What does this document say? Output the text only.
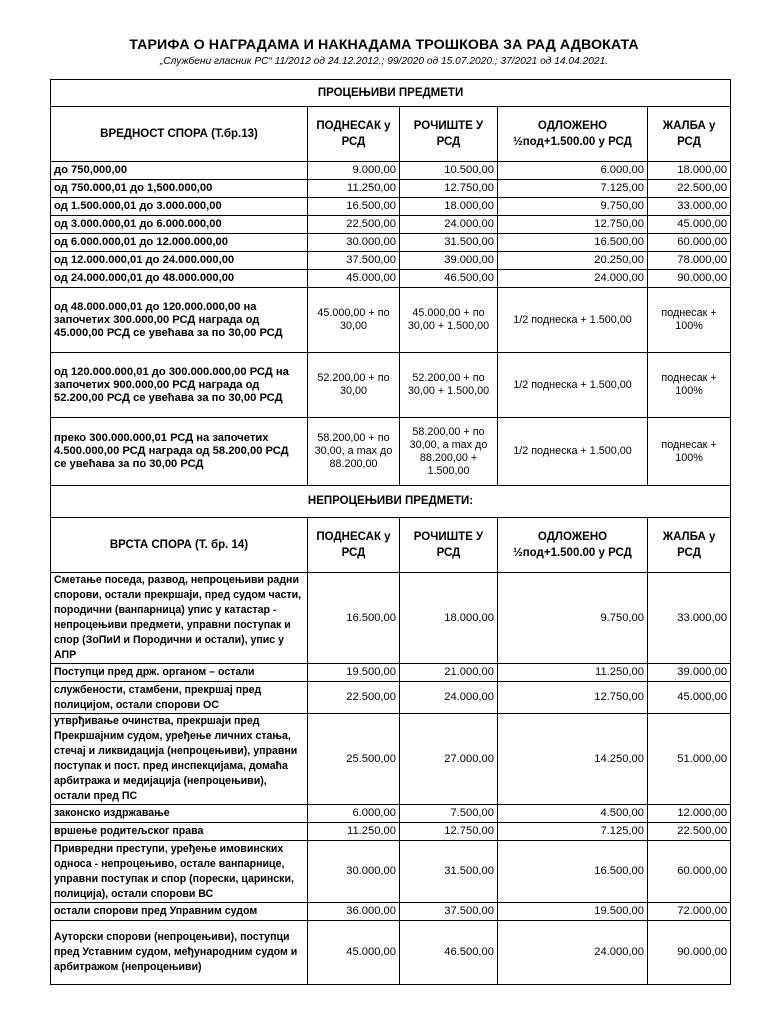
ТАРИФА О НАГРАДАМА И НАКНАДАМА ТРОШКОВА ЗА РАД АДВОКАТА
„Службени гласник РС“ 11/2012 од 24.12.2012.; 99/2020 од 15.07.2020.; 37/2021 од 14.04.2021.
ПРОЦЕЊИВИ ПРЕДМЕТИ				
ВРЕДНОСТ СПОРА (Т.бр.13)	ПОДНЕСАК у РСД	РОЧИШТЕ У РСД	ОДЛОЖЕНО ½под+1.500.00 у РСД	ЖАЛБА у РСД
до 750,000,00	9.000,00	10.500,00	6.000,00	18.000,00
од 750.000,01 до 1,500.000,00	11.250,00	12.750,00	7.125,00	22.500,00
од 1.500.000,01 до 3.000.000,00	16.500,00	18.000,00	9.750,00	33.000,00
од 3.000.000,01 до 6.000.000,00	22.500,00	24.000,00	12.750,00	45.000,00
од 6.000.000,01 до 12.000.000,00	30.000,00	31.500,00	16.500,00	60.000,00
од 12.000.000,01 до 24.000.000,00	37.500,00	39.000,00	20.250,00	78.000,00
од 24.000.000,01 до 48.000.000,00	45.000,00	46.500,00	24.000,00	90.000,00
од 48.000.000,01 до 120.000.000,00 на започетих 300.000,00 РСД награда од 45.000,00 РСД се увећава за по 30,00 РСД	45.000,00 + по 30,00	45.000,00 + по 30,00 + 1.500,00	1/2 поднеска + 1.500,00	поднесак + 100%
од 120.000.000,01 до 300.000.000,00 РСД на започетих 900.000,00 РСД награда од 52.200,00 РСД се увећава за по 30,00 РСД	52.200,00 + по 30,00	52.200,00 + по 30,00 + 1.500,00	1/2 поднеска + 1.500,00	поднесак + 100%
преко 300.000.000,01 РСД на започетих 4.500.000,00 РСД награда од 58.200,00 РСД се увећава за по 30,00 РСД	58.200,00 + по 30,00, а max до 88.200,00	58.200,00 + по 30,00, а max до 88.200,00 + 1.500,00	1/2 поднеска + 1.500,00	поднесак + 100%
НЕПРОЦЕЊИВИ ПРЕДМЕТИ:				
ВРСТА СПОРА (Т. бр. 14)	ПОДНЕСАК у РСД	РОЧИШТЕ У РСД	ОДЛОЖЕНО ½под+1.500.00 у РСД	ЖАЛБА у РСД
Сметање поседа, развод, непроцењиви радни спорови, остали прекршаји, пред судом части, породични (ванпарница) упис у катастар - непроцењиви предмети, управни поступак и спор (ЗоПиИ и Породични и остали), упис у АПР	16.500,00	18.000,00	9.750,00	33.000,00
Поступци пред држ. органом – остали	19.500,00	21.000,00	11.250,00	39.000,00
службености, стамбени, прекршај пред полицијом, остали спорови ОС	22.500,00	24.000,00	12.750,00	45.000,00
утврђивање очинства, прекршаји пред Прекршајним судом, уређење личних стања, стечај и ликвидација (непроцењиви), управни поступак и пост. пред инспекцијама, домаћа арбитража и медијација (непроцењиви), остали пред ПС	25.500,00	27.000,00	14.250,00	51.000,00
законско издржавање	6.000,00	7.500,00	4.500,00	12.000,00
вршење родитељског права	11.250,00	12.750,00	7.125,00	22.500,00
Привредни преступи, уређење имовинских односа - непроцењиво, остале ванпарнице, управни поступак и спор (порески, царински, полиција), остали спорови ВС	30.000,00	31.500,00	16.500,00	60.000,00
остали спорови пред Управним судом	36.000,00	37.500,00	19.500,00	72.000,00
Ауторски спорови (непроцењиви), поступци пред Уставним судом, међународним судом и арбитражом (непроцењиви)	45.000,00	46.500,00	24.000,00	90.000,00
